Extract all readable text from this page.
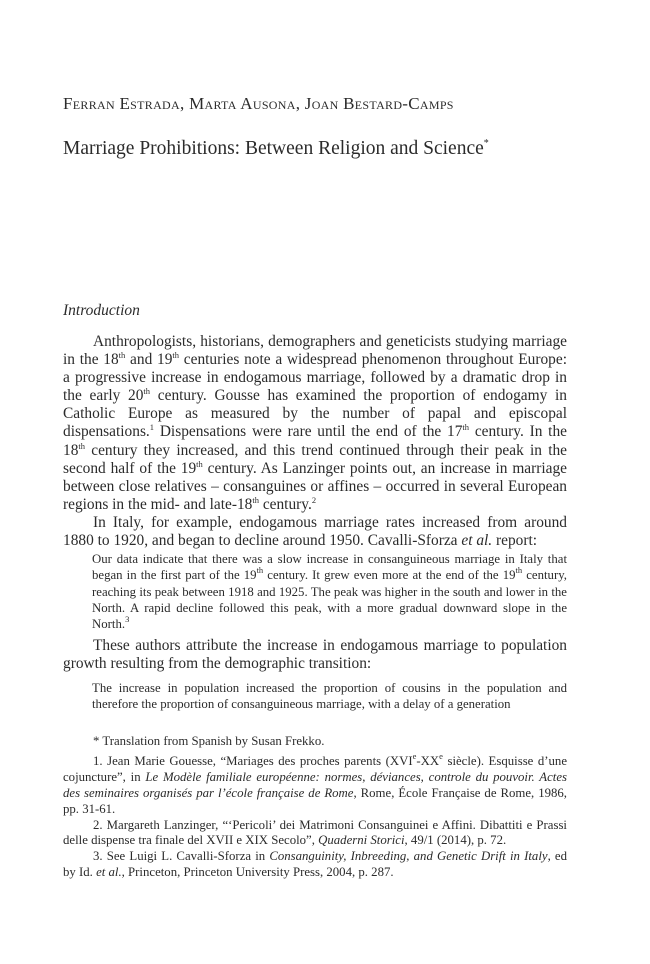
Ferran Estrada, Marta Ausona, Joan Bestard-Camps
Marriage Prohibitions: Between Religion and Science*
Introduction

Anthropologists, historians, demographers and geneticists studying marriage in the 18th and 19th centuries note a widespread phenomenon throughout Europe: a progressive increase in endogamous marriage, followed by a dramatic drop in the early 20th century. Gousse has examined the proportion of endogamy in Catholic Europe as measured by the number of papal and episcopal dispensations.$^1$ Dispensations were rare until the end of the 17th century. In the 18th century they increased, and this trend continued through their peak in the second half of the 19th century. As Lanzinger points out, an increase in marriage between close relatives – consanguines or affines – occurred in several European regions in the mid- and late-18th century.$^2$

In Italy, for example, endogamous marriage rates increased from around 1880 to 1920, and began to decline around 1950. Cavalli-Sforza et al. report:

Our data indicate that there was a slow increase in consanguineous marriage in Italy that began in the first part of the 19th century. It grew even more at the end of the 19th century, reaching its peak between 1918 and 1925. The peak was higher in the south and lower in the North. A rapid decline followed this peak, with a more gradual downward slope in the North.$^3$

These authors attribute the increase in endogamous marriage to population growth resulting from the demographic transition:

The increase in population increased the proportion of cousins in the population and therefore the proportion of consanguineous marriage, with a delay of a generation

* Translation from Spanish by Susan Frekko.

1. Jean Marie Gouesse, “Mariages des proches parents (XVIe-XXe siècle). Esquisse d’une cojuncture”, in Le Modèle familiale européenne: normes, déviances, controle du pouvoir. Actes des seminaires organisés par l’école française de Rome, Rome, École Française de Rome, 1986, pp. 31-61.

2. Margareth Lanzinger, “‘Pericoli’ dei Matrimoni Consanguinei e Affini. Dibattiti e Prassi delle dispense tra finale del XVII e XIX Secolo”, Quaderni Storici, 49/1 (2014), p. 72.

3. See Luigi L. Cavalli-Sforza in Consanguinity, Inbreeding, and Genetic Drift in Italy, ed by Id. et al., Princeton, Princeton University Press, 2004, p. 287.
